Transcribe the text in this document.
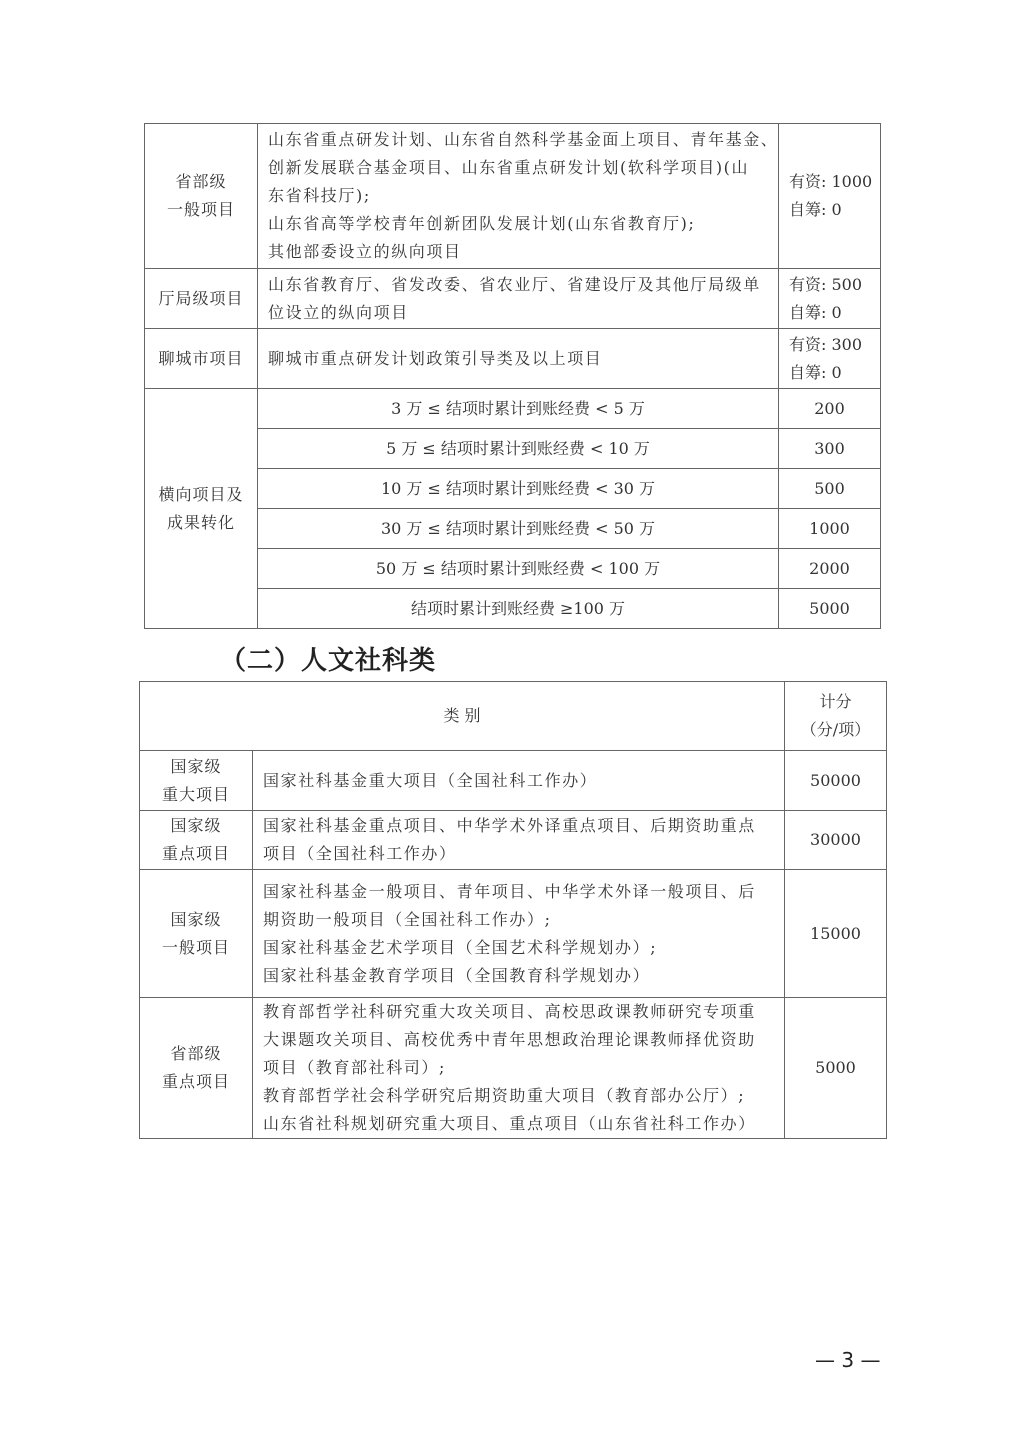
省部级
一般项目	山东省重点研发计划、山东省自然科学基金面上项目、青年基金、
创新发展联合基金项目、山东省重点研发计划(软科学项目)(山
东省科技厅);
山东省高等学校青年创新团队发展计划(山东省教育厅);
其他部委设立的纵向项目	有资: 1000
自筹: 0

厅局级项目	山东省教育厅、省发改委、省农业厅、省建设厅及其他厅局级单
位设立的纵向项目	有资: 500
自筹: 0

聊城市项目	聊城市重点研发计划政策引导类及以上项目	有资: 300
自筹: 0

横向项目及
成果转化	3 万 ≤ 结项时累计到账经费 < 5 万	200
	5 万 ≤ 结项时累计到账经费 < 10 万	300
	10 万 ≤ 结项时累计到账经费 < 30 万	500
	30 万 ≤ 结项时累计到账经费 < 50 万	1000
	50 万 ≤ 结项时累计到账经费 < 100 万	2000
	结项时累计到账经费 ≥100 万	5000
（二）人文社科类
类 别		计分
（分/项）

国家级
重大项目	国家社科基金重大项目（全国社科工作办）	50000

国家级
重点项目	国家社科基金重点项目、中华学术外译重点项目、后期资助重点
项目（全国社科工作办）	30000

国家级
一般项目	国家社科基金一般项目、青年项目、中华学术外译一般项目、后
期资助一般项目（全国社科工作办）;
国家社科基金艺术学项目（全国艺术科学规划办）;
国家社科基金教育学项目（全国教育科学规划办）	15000

省部级
重点项目	教育部哲学社科研究重大攻关项目、高校思政课教师研究专项重
大课题攻关项目、高校优秀中青年思想政治理论课教师择优资助
项目（教育部社科司）;
教育部哲学社会科学研究后期资助重大项目（教育部办公厅）;
山东省社科规划研究重大项目、重点项目（山东省社科工作办）	5000
— 3 —
